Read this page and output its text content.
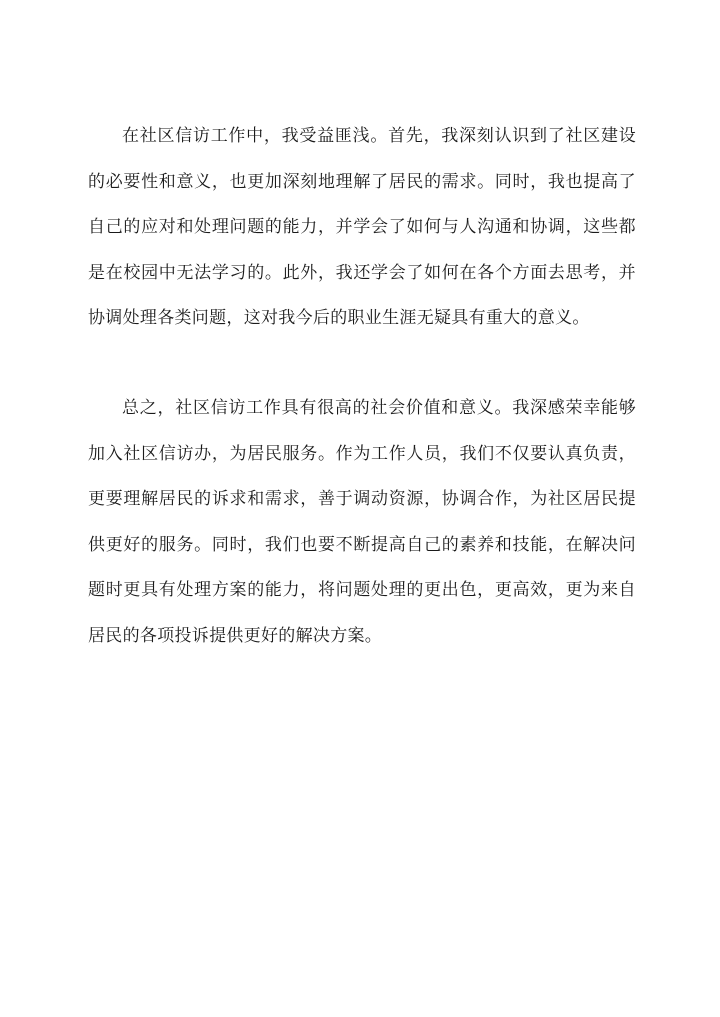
在社区信访工作中，我受益匪浅。首先，我深刻认识到了社区建设的必要性和意义，也更加深刻地理解了居民的需求。同时，我也提高了自己的应对和处理问题的能力，并学会了如何与人沟通和协调，这些都是在校园中无法学习的。此外，我还学会了如何在各个方面去思考，并协调处理各类问题，这对我今后的职业生涯无疑具有重大的意义。

总之，社区信访工作具有很高的社会价值和意义。我深感荣幸能够加入社区信访办，为居民服务。作为工作人员，我们不仅要认真负责，更要理解居民的诉求和需求，善于调动资源，协调合作，为社区居民提供更好的服务。同时，我们也要不断提高自己的素养和技能，在解决问题时更具有处理方案的能力，将问题处理的更出色，更高效，更为来自居民的各项投诉提供更好的解决方案。
